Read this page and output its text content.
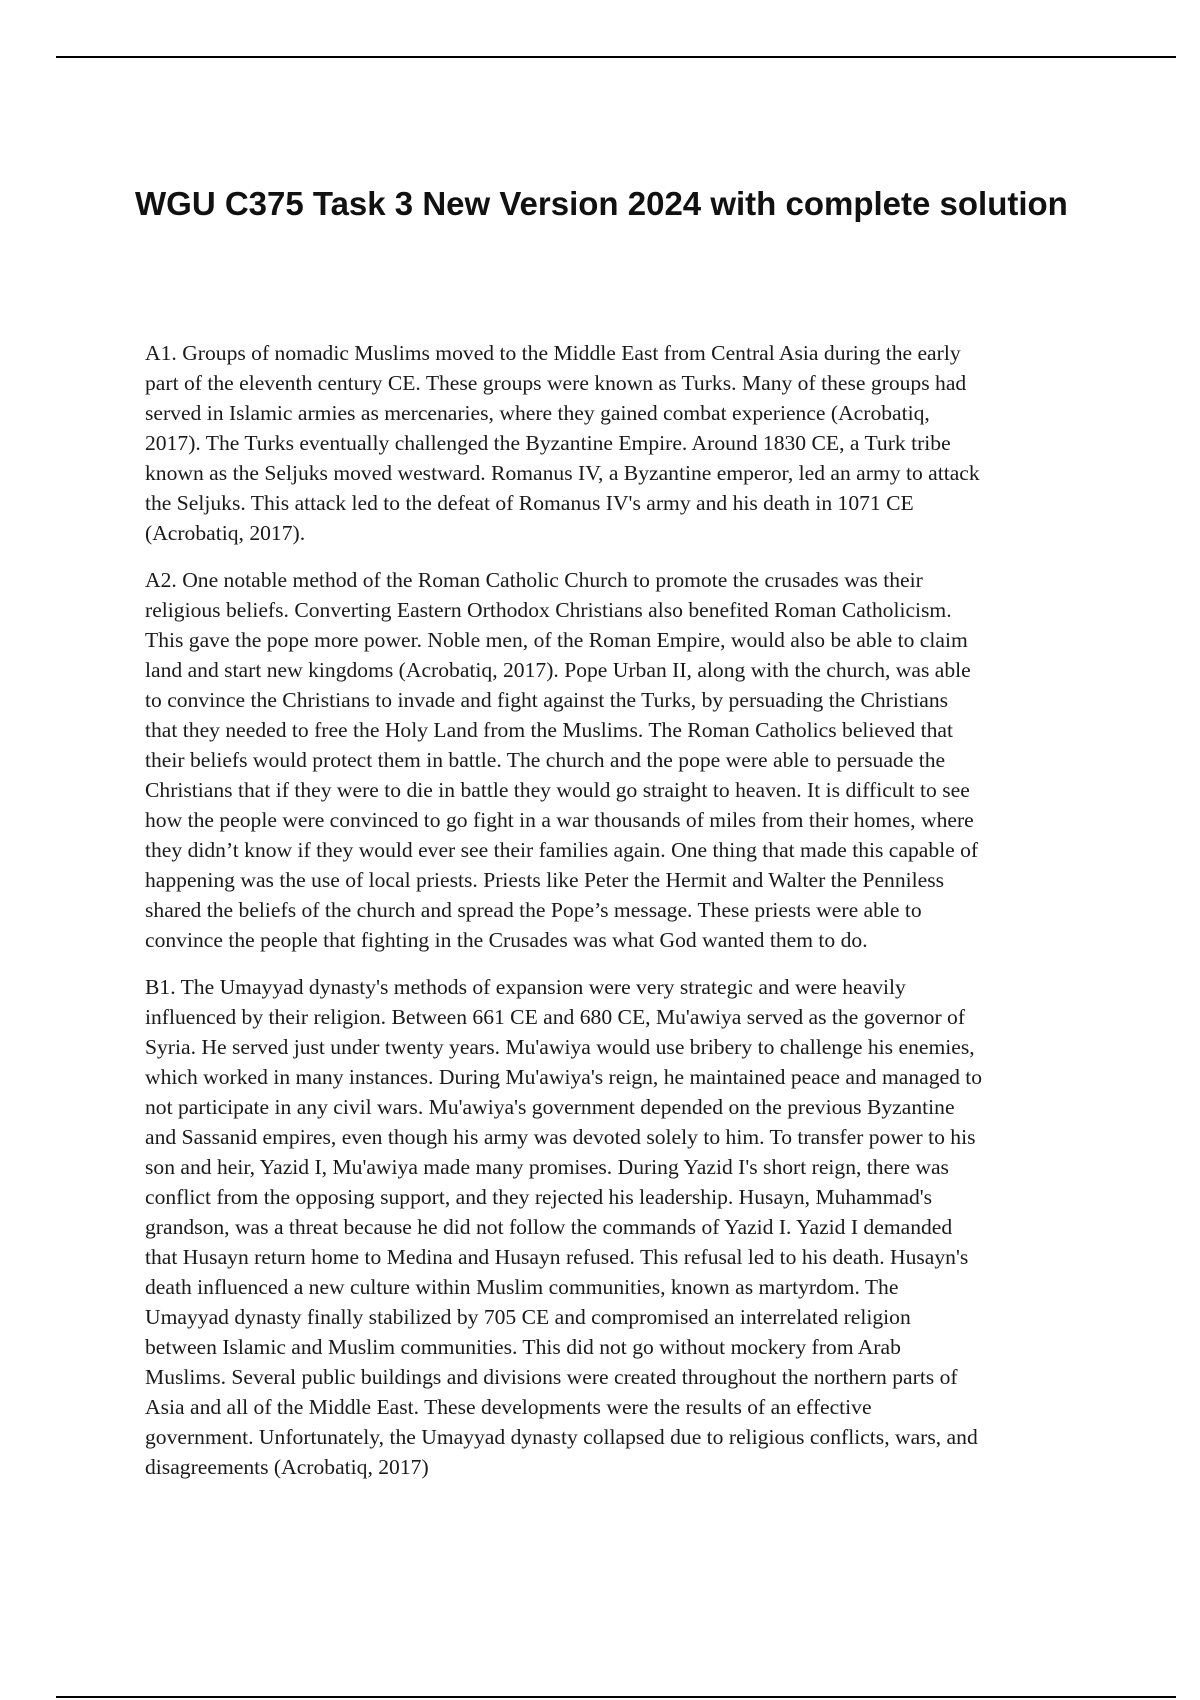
WGU C375 Task 3 New Version 2024 with complete solution

A1. Groups of nomadic Muslims moved to the Middle East from Central Asia during the early
part of the eleventh century CE. These groups were known as Turks. Many of these groups had
served in Islamic armies as mercenaries, where they gained combat experience (Acrobatiq,
2017). The Turks eventually challenged the Byzantine Empire. Around 1830 CE, a Turk tribe
known as the Seljuks moved westward. Romanus IV, a Byzantine emperor, led an army to attack
the Seljuks. This attack led to the defeat of Romanus IV's army and his death in 1071 CE
(Acrobatiq, 2017).

A2. One notable method of the Roman Catholic Church to promote the crusades was their
religious beliefs. Converting Eastern Orthodox Christians also benefited Roman Catholicism.
This gave the pope more power. Noble men, of the Roman Empire, would also be able to claim
land and start new kingdoms (Acrobatiq, 2017). Pope Urban II, along with the church, was able
to convince the Christians to invade and fight against the Turks, by persuading the Christians
that they needed to free the Holy Land from the Muslims. The Roman Catholics believed that
their beliefs would protect them in battle. The church and the pope were able to persuade the
Christians that if they were to die in battle they would go straight to heaven. It is difficult to see
how the people were convinced to go fight in a war thousands of miles from their homes, where
they didn’t know if they would ever see their families again. One thing that made this capable of
happening was the use of local priests. Priests like Peter the Hermit and Walter the Penniless
shared the beliefs of the church and spread the Pope’s message. These priests were able to
convince the people that fighting in the Crusades was what God wanted them to do.

B1. The Umayyad dynasty's methods of expansion were very strategic and were heavily
influenced by their religion. Between 661 CE and 680 CE, Mu'awiya served as the governor of
Syria. He served just under twenty years. Mu'awiya would use bribery to challenge his enemies,
which worked in many instances. During Mu'awiya's reign, he maintained peace and managed to
not participate in any civil wars. Mu'awiya's government depended on the previous Byzantine
and Sassanid empires, even though his army was devoted solely to him. To transfer power to his
son and heir, Yazid I, Mu'awiya made many promises. During Yazid I's short reign, there was
conflict from the opposing support, and they rejected his leadership. Husayn, Muhammad's
grandson, was a threat because he did not follow the commands of Yazid I. Yazid I demanded
that Husayn return home to Medina and Husayn refused. This refusal led to his death. Husayn's
death influenced a new culture within Muslim communities, known as martyrdom. The
Umayyad dynasty finally stabilized by 705 CE and compromised an interrelated religion
between Islamic and Muslim communities. This did not go without mockery from Arab
Muslims. Several public buildings and divisions were created throughout the northern parts of
Asia and all of the Middle East. These developments were the results of an effective
government. Unfortunately, the Umayyad dynasty collapsed due to religious conflicts, wars, and
disagreements (Acrobatiq, 2017)
